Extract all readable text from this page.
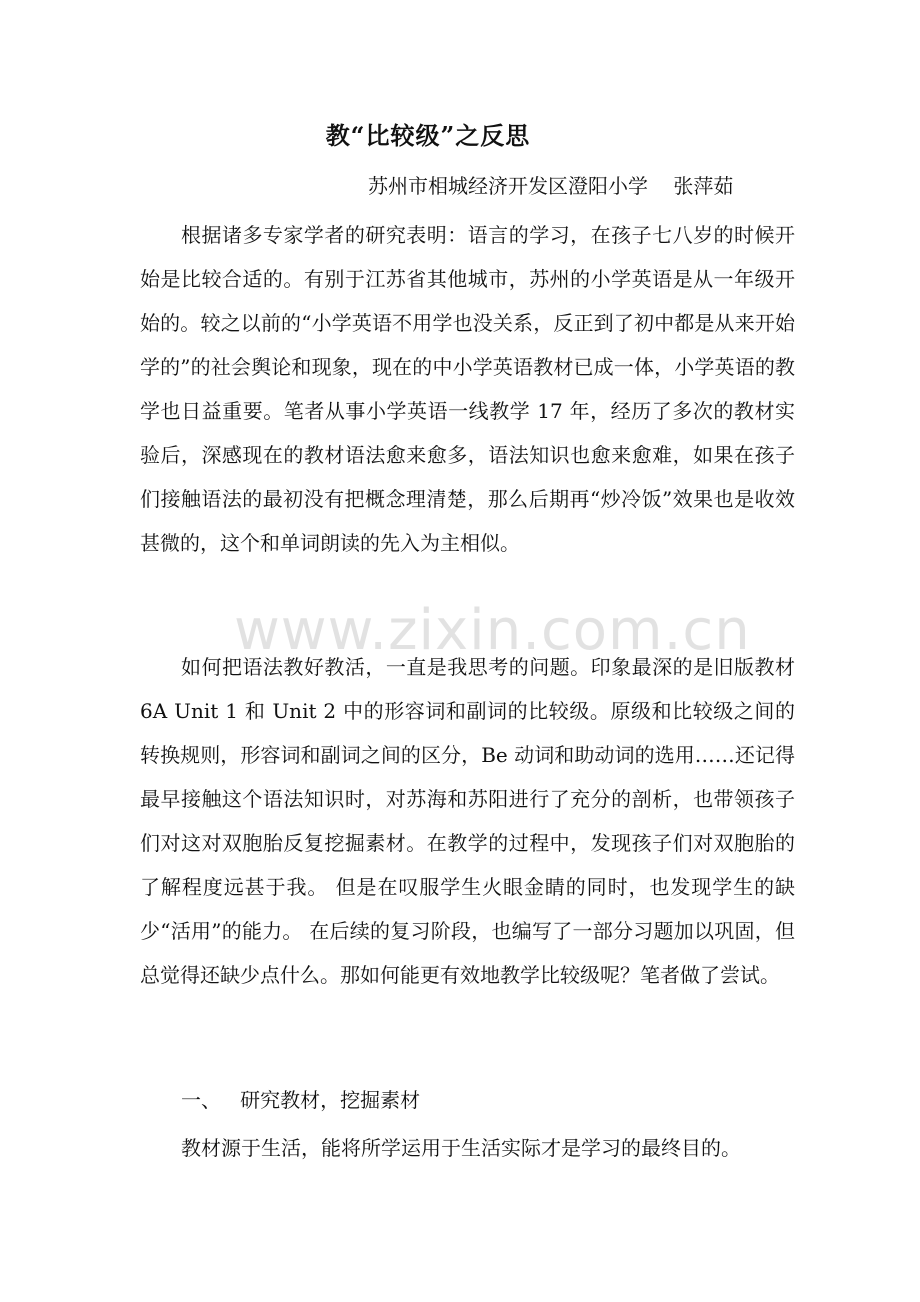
教“比较级”之反思
苏州市相城经济开发区澄阳小学    张萍茹

根据诸多专家学者的研究表明：语言的学习，在孩子七八岁的时候开始是比较合适的。有别于江苏省其他城市，苏州的小学英语是从一年级开始的。较之以前的“小学英语不用学也没关系，反正到了初中都是从来开始学的”的社会舆论和现象，现在的中小学英语教材已成一体，小学英语的教学也日益重要。笔者从事小学英语一线教学 17 年，经历了多次的教材实验后，深感现在的教材语法愈来愈多，语法知识也愈来愈难，如果在孩子们接触语法的最初没有把概念理清楚，那么后期再“炒冷饭”效果也是收效甚微的，这个和单词朗读的先入为主相似。

如何把语法教好教活，一直是我思考的问题。印象最深的是旧版教材 6A Unit 1 和 Unit 2 中的形容词和副词的比较级。原级和比较级之间的转换规则，形容词和副词之间的区分，Be 动词和助动词的选用……还记得最早接触这个语法知识时，对苏海和苏阳进行了充分的剖析，也带领孩子们对这对双胞胎反复挖掘素材。在教学的过程中，发现孩子们对双胞胎的了解程度远甚于我。 但是在叹服学生火眼金睛的同时，也发现学生的缺少“活用”的能力。 在后续的复习阶段，也编写了一部分习题加以巩固，但总觉得还缺少点什么。那如何能更有效地教学比较级呢？笔者做了尝试。

一、   研究教材，挖掘素材

教材源于生活，能将所学运用于生活实际才是学习的最终目的。

www.zixin.com.cn
